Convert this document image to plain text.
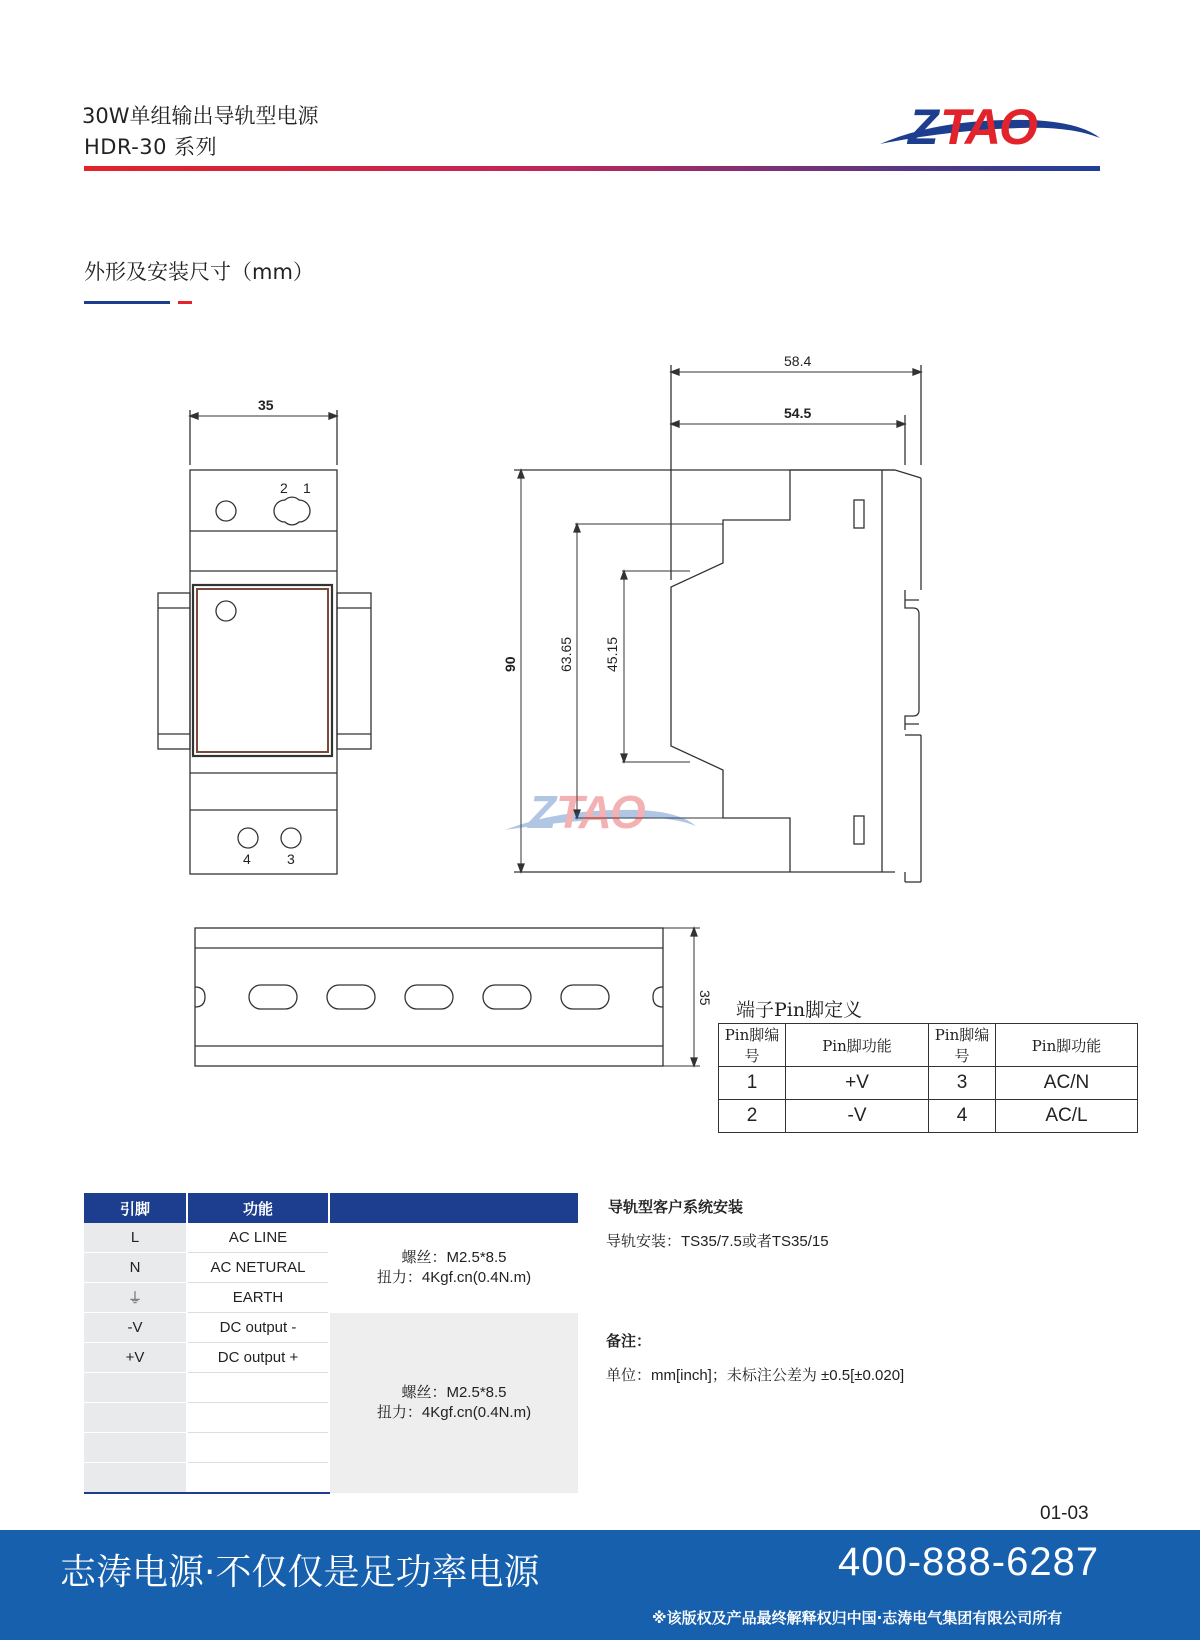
30W单组输出导轨型电源
HDR-30 系列	Z TAO
外形及安装尺寸（mm）
35
2 1
4	3
58.4
54.5
90	63.65 45.15
Z TAO
35
端子Pin脚定义
Pin脚编号	Pin脚功能	Pin脚编号	Pin脚功能
1	+V	3	AC/N
2	-V	4	AC/L
引脚	功能	
L	AC LINE	螺丝：M2.5*8.5
扭力：4Kgf.cn(0.4N.m)

N	AC NETURAL	
⏚	EARTH	
-V	DC output -	螺丝：M2.5*8.5
扭力：4Kgf.cn(0.4N.m)

+V	DC output +	

导轨型客户系统安装
导轨安装：TS35/7.5或者TS35/15
备注：
单位：mm[inch]；未标注公差为 ±0.5[±0.020]
01-03
志涛电源·不仅仅是足功率电源	400-888-6287
※该版权及产品最终解释权归中国·志涛电气集团有限公司所有
